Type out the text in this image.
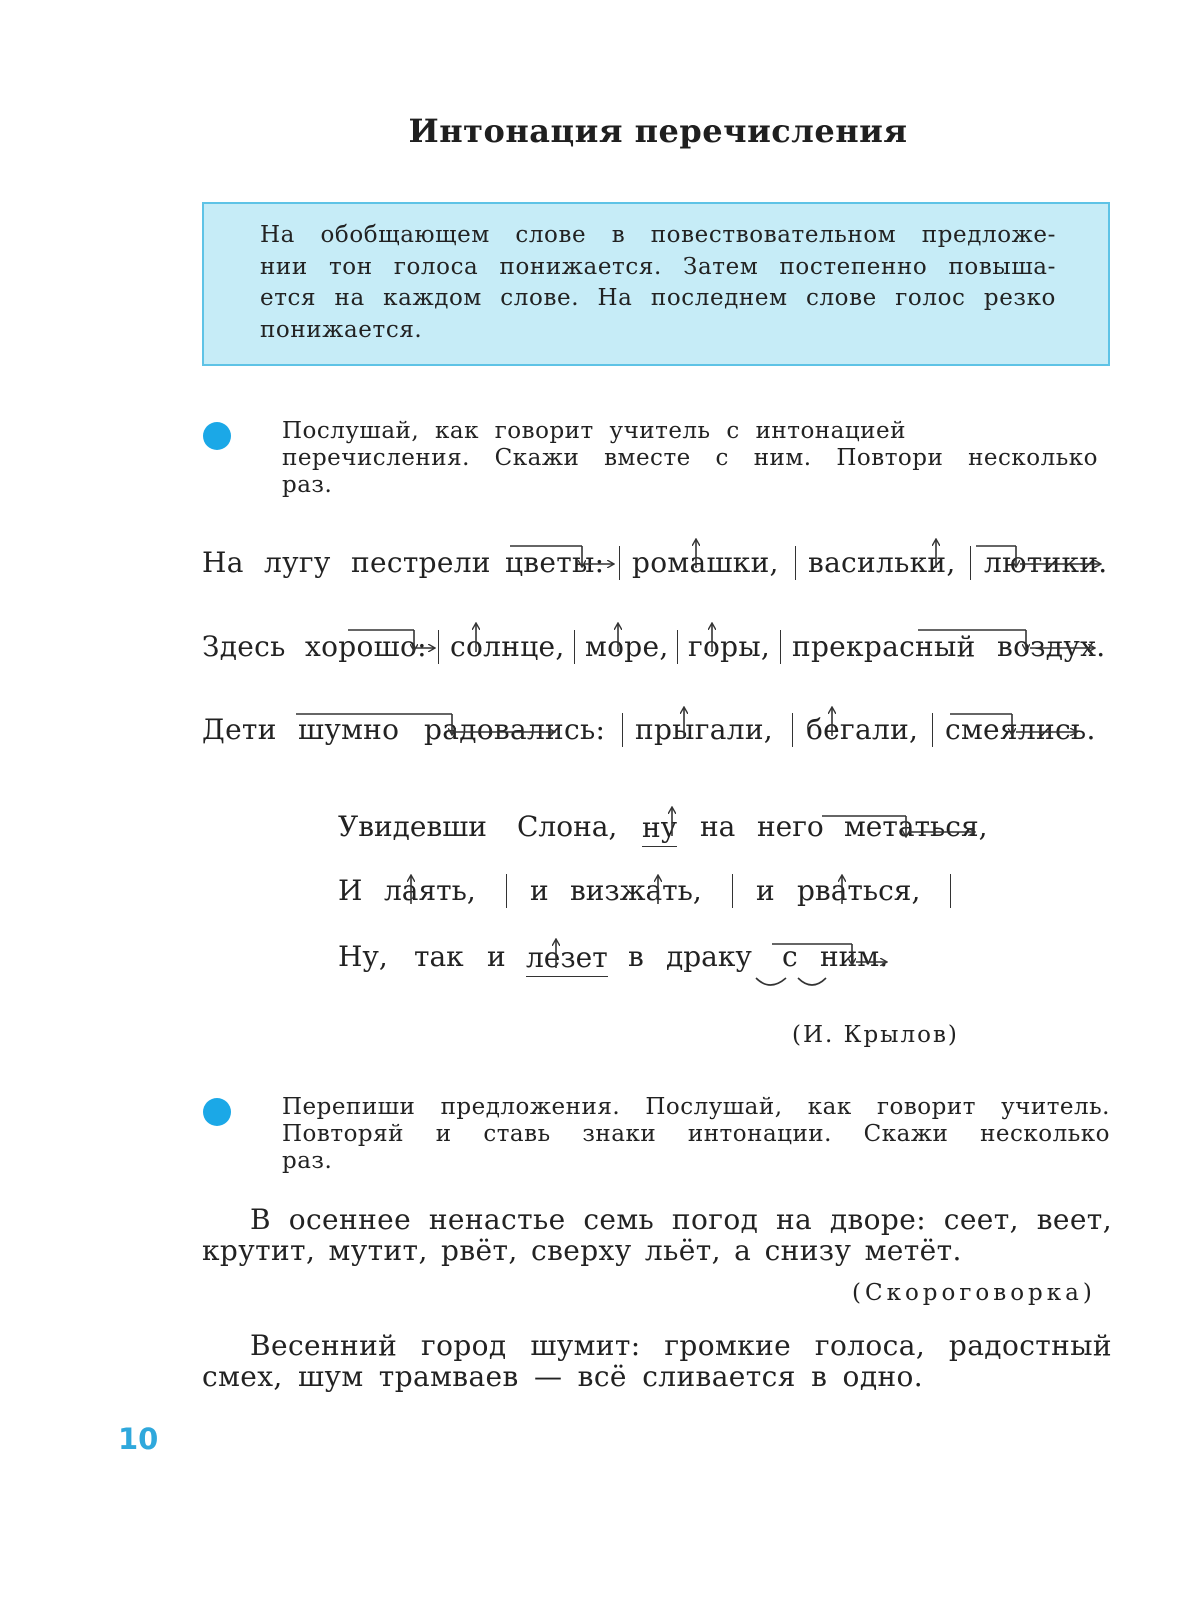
Интонация перечисления

На обобщающем слове в повествовательном предложе-
нии тон голоса понижается. Затем постепенно повыша-
ется на каждом слове. На последнем слове голос резко
понижается.

Послушай, как говорит учитель с интонацией
перечисления. Скажи вместе с ним. Повтори несколько
раз.
На лугу пестрели цветы: ромашки, васильки, лютики.
Здесь хорошо: солнце, море, горы, прекрасный воздух.
Дети шумно радовались: прыгали, бегали, смеялись.
Увидевши Слона, ну на него метаться,
И лаять, и визжать, и рваться,
Ну, так и лезет в драку с ним.
(И. Крылов)
Перепиши предложения. Послушай, как говорит учитель.
Повторяй и ставь знаки интонации. Скажи несколько
раз.
В осеннее ненастье семь погод на дворе: сеет, веет,
крутит, мутит, рвёт, сверху льёт, а снизу метёт.
(Скороговорка)
Весенний город шумит: громкие голоса, радостный
смех, шум трамваев — всё сливается в одно.
10
